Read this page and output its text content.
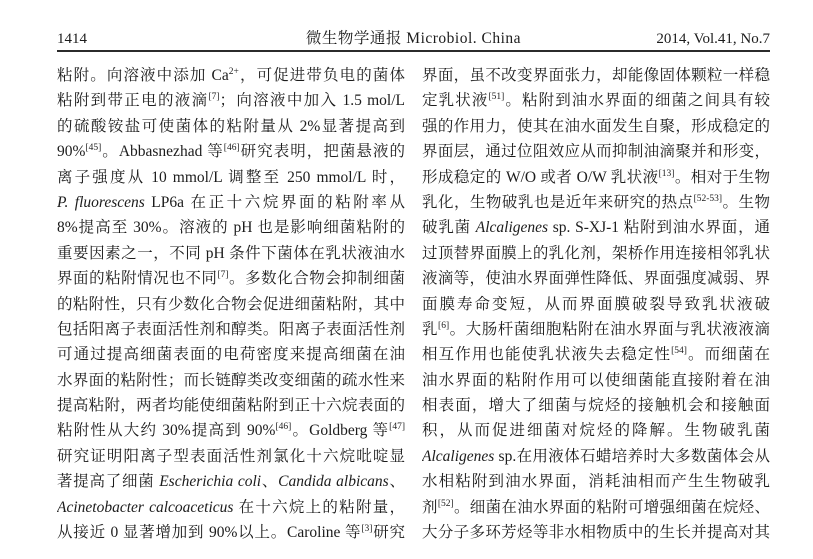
1414	微生物学通报 Microbiol. China	2014, Vol.41, No.7
粘附。向溶液中添加 $Ca^{2+}$，可促进带负电的菌体
粘附到带正电的液滴[7]；向溶液中加入 1.5 mol/L
的硫酸铵盐可使菌体的粘附量从 2%显著提高到
90%[45]。Abbasnezhad 等[46]研究表明，把菌悬液的
离子强度从 10 mmol/L 调整至 250 mmol/L 时，
P. fluorescens LP6a 在正十六烷界面的粘附率从
8%提高至 30%。溶液的 pH 也是影响细菌粘附的
重要因素之一，不同 pH 条件下菌体在乳状液油水
界面的粘附情况也不同[7]。多数化合物会抑制细菌
的粘附性，只有少数化合物会促进细菌粘附，其中
包括阳离子表面活性剂和醇类。阳离子表面活性剂
可通过提高细菌表面的电荷密度来提高细菌在油
水界面的粘附性；而长链醇类改变细菌的疏水性来
提高粘附，两者均能使细菌粘附到正十六烷表面的
粘附性从大约 30%提高到 90%[46]。Goldberg 等[47]
研究证明阳离子型表面活性剂氯化十六烷吡啶显
著提高了细菌 Escherichia coli、Candida albicans、
Acinetobacter calcoaceticus 在十六烷上的粘附量，
从接近 0 显著增加到 90%以上。Caroline 等[3]研究
界面，虽不改变界面张力，却能像固体颗粒一样稳
定乳状液[51]。粘附到油水界面的细菌之间具有较
强的作用力，使其在油水面发生自聚，形成稳定的
界面层，通过位阻效应从而抑制油滴聚并和形变，
形成稳定的 W/O 或者 O/W 乳状液[13]。相对于生物
乳化，生物破乳也是近年来研究的热点[52-53]。生物
破乳菌 Alcaligenes sp. S-XJ-1 粘附到油水界面，通
过顶替界面膜上的乳化剂，架桥作用连接相邻乳状
液滴等，使油水界面弹性降低、界面强度减弱、界
面膜寿命变短，从而界面膜破裂导致乳状液破
乳[6]。大肠杆菌细胞粘附在油水界面与乳状液液滴
相互作用也能使乳状液失去稳定性[54]。而细菌在
油水界面的粘附作用可以使细菌能直接附着在油
相表面，增大了细菌与烷烃的接触机会和接触面
积，从而促进细菌对烷烃的降解。生物破乳菌
Alcaligenes sp.在用液体石蜡培养时大多数菌体会从
水相粘附到油水界面，消耗油相而产生生物破乳
剂[52]。细菌在油水界面的粘附可增强细菌在烷烃、
大分子多环芳烃等非水相物质中的生长并提高对其
